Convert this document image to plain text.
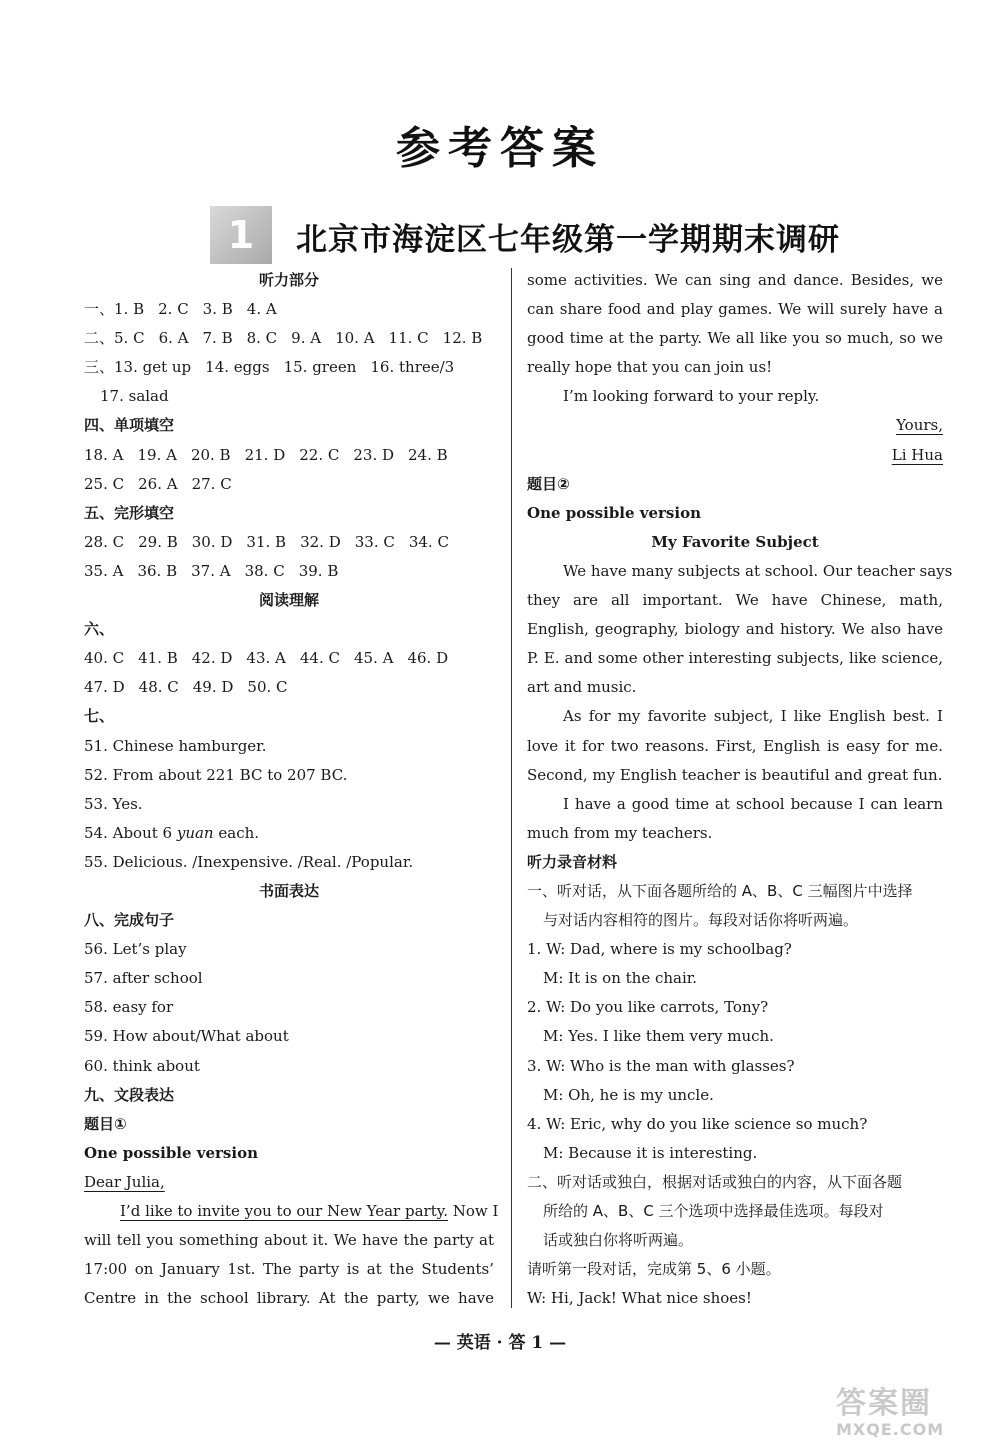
参考答案
1 北京市海淀区七年级第一学期期末调研
听力部分
一、1. B 2. C 3. B 4. A
二、5. C 6. A 7. B 8. C 9. A 10. A 11. C 12. B
三、13. get up 14. eggs 15. green 16. three/3
17. salad
四、单项填空
18. A 19. A 20. B 21. D 22. C 23. D 24. B
25. C 26. A 27. C
五、完形填空
28. C 29. B 30. D 31. B 32. D 33. C 34. C
35. A 36. B 37. A 38. C 39. B
阅读理解
六、
40. C 41. B 42. D 43. A 44. C 45. A 46. D
47. D 48. C 49. D 50. C
七、
51. Chinese hamburger.
52. From about 221 BC to 207 BC.
53. Yes.
54. About 6 yuan each.
55. Delicious. /Inexpensive. /Real. /Popular.
书面表达
八、完成句子
56. Let’s play
57. after school
58. easy for
59. How about/What about
60. think about
九、文段表达
题目①
One possible version
Dear Julia,
I’d like to invite you to our New Year party. Now I
will tell you something about it. We have the party at
17:00 on January 1st. The party is at the Students’
Centre in the school library. At the party, we have
some activities. We can sing and dance. Besides, we
can share food and play games. We will surely have a
good time at the party. We all like you so much, so we
really hope that you can join us!
I’m looking forward to your reply.
Yours,
Li Hua
题目②
One possible version
My Favorite Subject
We have many subjects at school. Our teacher says
they are all important. We have Chinese, math,
English, geography, biology and history. We also have
P. E. and some other interesting subjects, like science,
art and music.
As for my favorite subject, I like English best. I
love it for two reasons. First, English is easy for me.
Second, my English teacher is beautiful and great fun.
I have a good time at school because I can learn
much from my teachers.
听力录音材料
一、听对话，从下面各题所给的 A、B、C 三幅图片中选择
与对话内容相符的图片。每段对话你将听两遍。
1. W: Dad, where is my schoolbag?
M: It is on the chair.
2. W: Do you like carrots, Tony?
M: Yes. I like them very much.
3. W: Who is the man with glasses?
M: Oh, he is my uncle.
4. W: Eric, why do you like science so much?
M: Because it is interesting.
二、听对话或独白，根据对话或独白的内容，从下面各题
所给的 A、B、C 三个选项中选择最佳选项。每段对
话或独白你将听两遍。
请听第一段对话，完成第 5、6 小题。
W: Hi, Jack! What nice shoes!
— 英语 · 答 1 —
答案圈
MXQE.COM
